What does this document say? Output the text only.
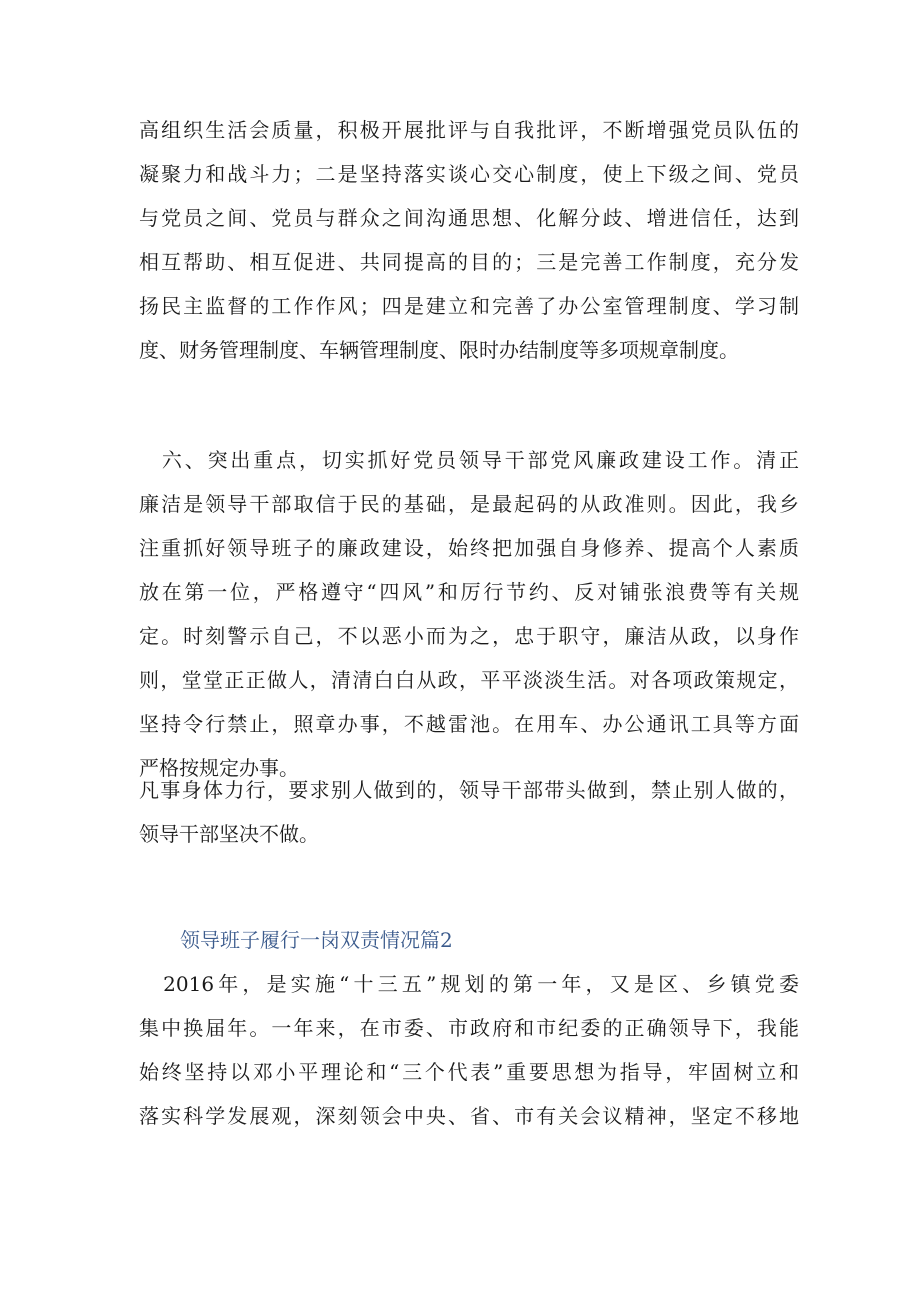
高组织生活会质量，积极开展批评与自我批评，不断增强党员队伍的
凝聚力和战斗力；二是坚持落实谈心交心制度，使上下级之间、党员
与党员之间、党员与群众之间沟通思想、化解分歧、增进信任，达到
相互帮助、相互促进、共同提高的目的；三是完善工作制度，充分发
扬民主监督的工作作风；四是建立和完善了办公室管理制度、学习制
度、财务管理制度、车辆管理制度、限时办结制度等多项规章制度。
　六、突出重点，切实抓好党员领导干部党风廉政建设工作。清正
廉洁是领导干部取信于民的基础，是最起码的从政准则。因此，我乡
注重抓好领导班子的廉政建设，始终把加强自身修养、提高个人素质
放在第一位，严格遵守“四风”和厉行节约、反对铺张浪费等有关规
定。时刻警示自己，不以恶小而为之，忠于职守，廉洁从政，以身作
则，堂堂正正做人，清清白白从政，平平淡淡生活。对各项政策规定，
坚持令行禁止，照章办事，不越雷池。在用车、办公通讯工具等方面
严格按规定办事。
凡事身体力行，要求别人做到的，领导干部带头做到，禁止别人做的，
领导干部坚决不做。
领导班子履行一岗双责情况篇2
　2016年，是实施“十三五”规划的第一年，又是区、乡镇党委
集中换届年。一年来，在市委、市政府和市纪委的正确领导下，我能
始终坚持以邓小平理论和“三个代表”重要思想为指导，牢固树立和
落实科学发展观，深刻领会中央、省、市有关会议精神，坚定不移地
